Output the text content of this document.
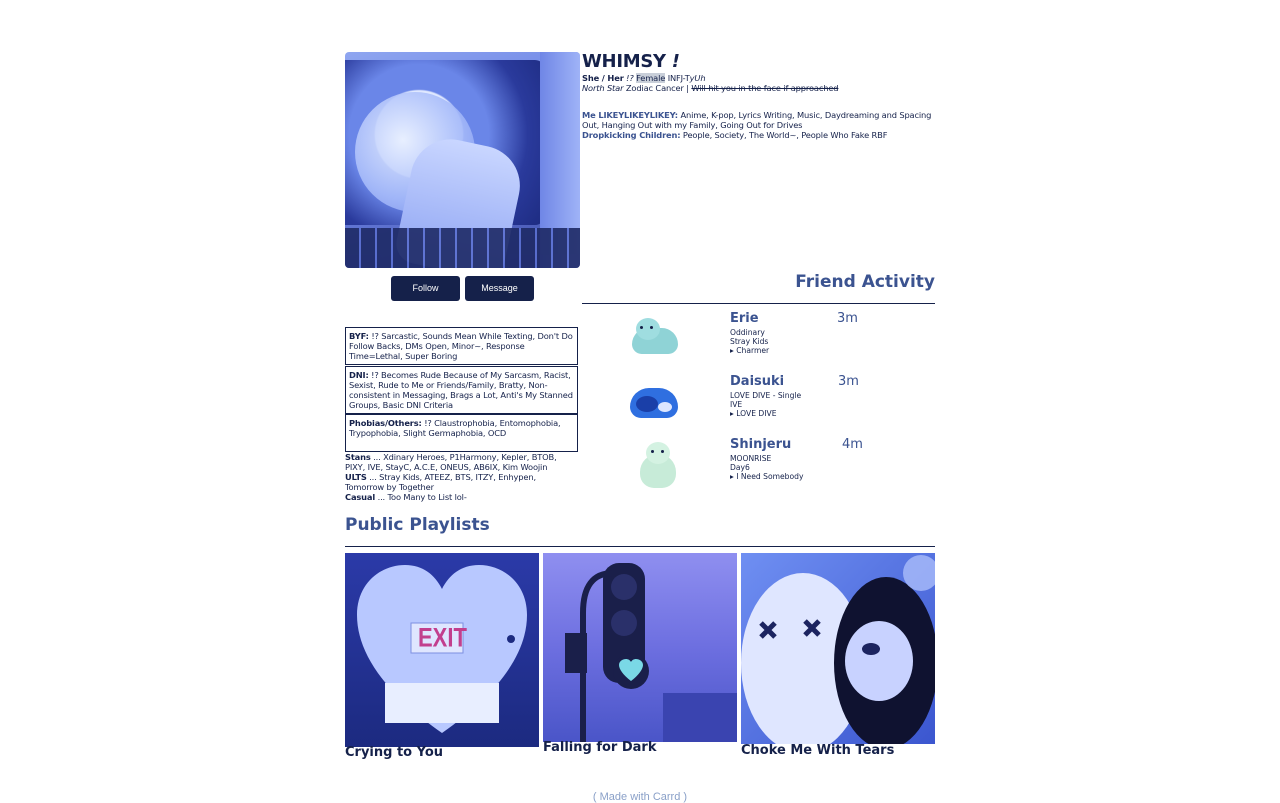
Follow	Message
WHIMSY !
She / Her !? Female INFJ-TyUh
North Star Zodiac Cancer | Will hit you in the face if approached
Me LIKEYLIKEYLIKEY: Anime, K-pop, Lyrics Writing, Music, Daydreaming and Spacing Out, Hanging Out with my Family, Going Out for Drives
Dropkicking Children: People, Society, The World~, People Who Fake RBF
BYF: !? Sarcastic, Sounds Mean While Texting, Don't Do Follow Backs, DMs Open, Minor~, Response Time=Lethal, Super Boring
DNI: !? Becomes Rude Because of My Sarcasm, Racist, Sexist, Rude to Me or Friends/Family, Bratty, Non-consistent in Messaging, Brags a Lot, Anti's My Stanned Groups, Basic DNI Criteria
Phobias/Others: !? Claustrophobia, Entomophobia, Trypophobia, Slight Germaphobia, OCD
Stans ... Xdinary Heroes, P1Harmony, Kepler, BTOB, PIXY, IVE, StayC, A.C.E, ONEUS, AB6IX, Kim Woojin
ULTS ... Stray Kids, ATEEZ, BTS, ITZY, Enhypen, Tomorrow by Together
Casual ... Too Many to List lol-
Friend Activity
Erie	3m
Oddinary
Stray Kids
▸ Charmer
Daisuki	3m
LOVE DIVE - Single
IVE
▸ LOVE DIVE
Shinjeru	4m
MOONRISE
Day6
▸ I Need Somebody
Public Playlists
EXIT
Crying to You	Falling for Dark	Choke Me With Tears
( Made with Carrd )
